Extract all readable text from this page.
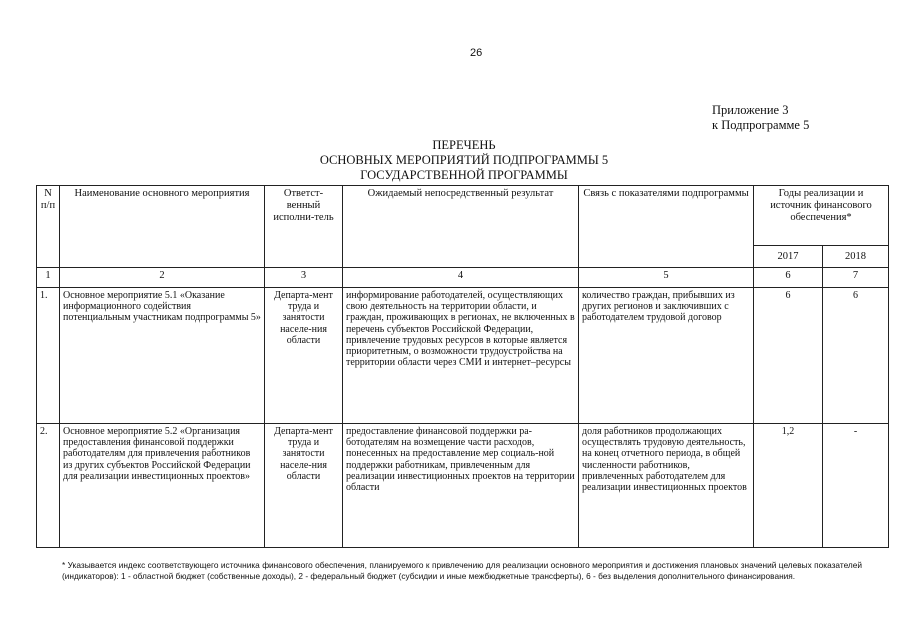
26
Приложение 3
к Подпрограмме 5
ПЕРЕЧЕНЬ
ОСНОВНЫХ МЕРОПРИЯТИЙ ПОДПРОГРАММЫ 5
ГОСУДАРСТВЕННОЙ ПРОГРАММЫ
N п/п	Наименование основного мероприятия	Ответст-венный исполни-тель	Ожидаемый непосредственный результат	Связь с показателями подпрограммы	Годы реализации и источник финансового обеспечения*	
					2017	2018
1	2	3	4	5	6	7
1.	Основное мероприятие 5.1 «Оказание информационного содействия потенциальным участникам подпрограммы 5»	Департа-мент труда и занятости населе-ния области	информирование работодателей, осуществляющих свою деятельность на территории области, и граждан, проживающих в регионах, не включенных в перечень субъектов Российской Федерации, привлечение трудовых ресурсов в которые является приоритетным, о возможности трудоустройства на территории области через СМИ и интернет–ресурсы	количество граждан, прибывших из других регионов и заключивших с работодателем трудовой договор	6	6
2.	Основное мероприятие 5.2 «Организация предоставления финансовой поддержки работодателям для привлечения работников из других субъектов Российской Федерации для реализации инвестиционных проектов»	Департа-мент труда и занятости населе-ния области	предоставление финансовой поддержки ра-ботодателям на возмещение части расходов, понесенных на предоставление мер социаль-ной поддержки работникам, привлеченным для реализации инвестиционных проектов на территории области	доля работников продолжающих осуществлять трудовую деятельность, на конец отчетного периода, в общей численности работников, привлеченных работодателем для реализации инвестиционных проектов	1,2	-
* Указывается индекс соответствующего источника финансового обеспечения, планируемого к привлечению для реализации основного мероприятия и достижения плановых значений целевых показателей (индикаторов): 1 - областной бюджет (собственные доходы), 2 - федеральный бюджет (субсидии и иные межбюджетные трансферты), 6 - без выделения дополнительного финансирования.
